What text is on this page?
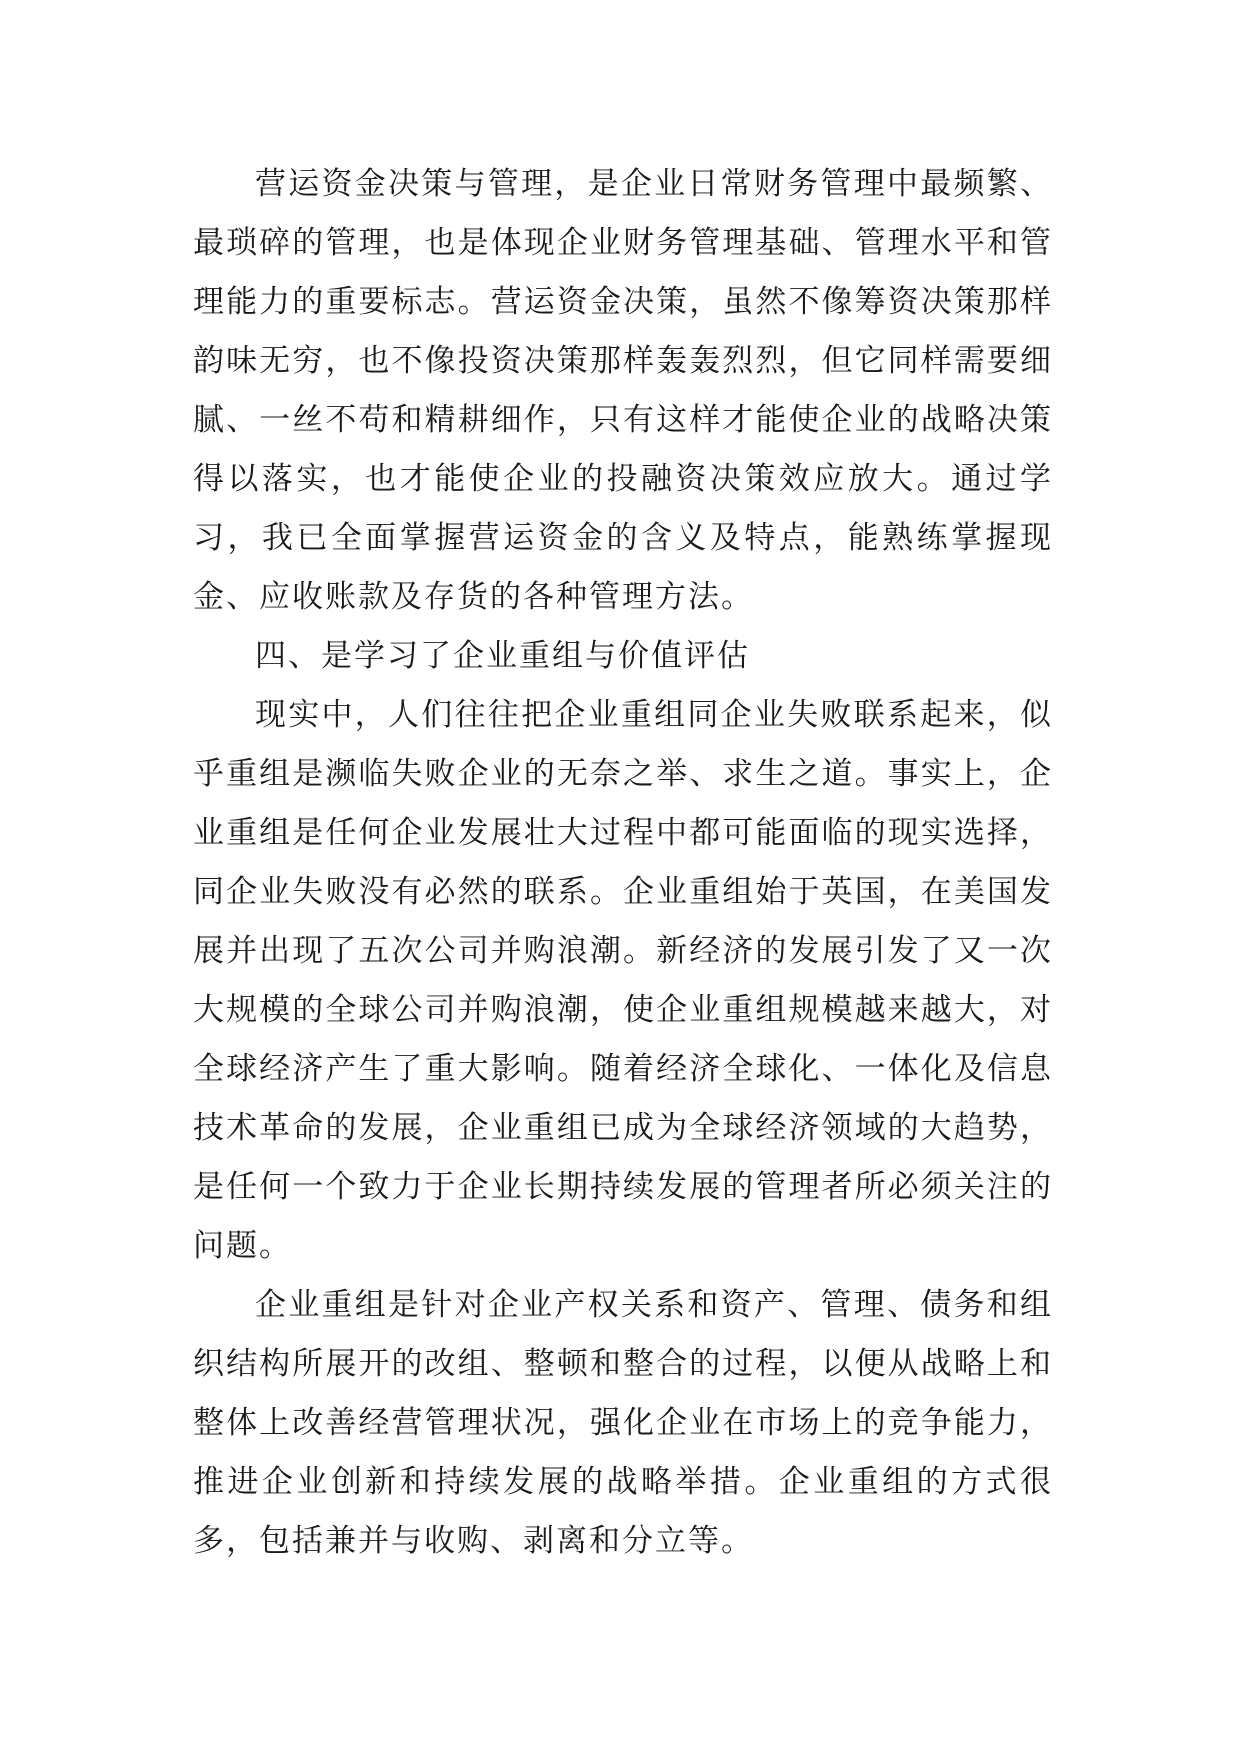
营运资金决策与管理，是企业日常财务管理中最频繁、最琐碎的管理，也是体现企业财务管理基础、管理水平和管理能力的重要标志。营运资金决策，虽然不像筹资决策那样韵味无穷，也不像投资决策那样轰轰烈烈，但它同样需要细腻、一丝不苟和精耕细作，只有这样才能使企业的战略决策得以落实，也才能使企业的投融资决策效应放大。通过学习，我已全面掌握营运资金的含义及特点，能熟练掌握现金、应收账款及存货的各种管理方法。

四、是学习了企业重组与价值评估

现实中，人们往往把企业重组同企业失败联系起来，似乎重组是濒临失败企业的无奈之举、求生之道。事实上，企业重组是任何企业发展壮大过程中都可能面临的现实选择，同企业失败没有必然的联系。企业重组始于英国，在美国发展并出现了五次公司并购浪潮。新经济的发展引发了又一次大规模的全球公司并购浪潮，使企业重组规模越来越大，对全球经济产生了重大影响。随着经济全球化、一体化及信息技术革命的发展，企业重组已成为全球经济领域的大趋势，是任何一个致力于企业长期持续发展的管理者所必须关注的问题。

企业重组是针对企业产权关系和资产、管理、债务和组织结构所展开的改组、整顿和整合的过程，以便从战略上和整体上改善经营管理状况，强化企业在市场上的竞争能力，推进企业创新和持续发展的战略举措。企业重组的方式很多，包括兼并与收购、剥离和分立等。
